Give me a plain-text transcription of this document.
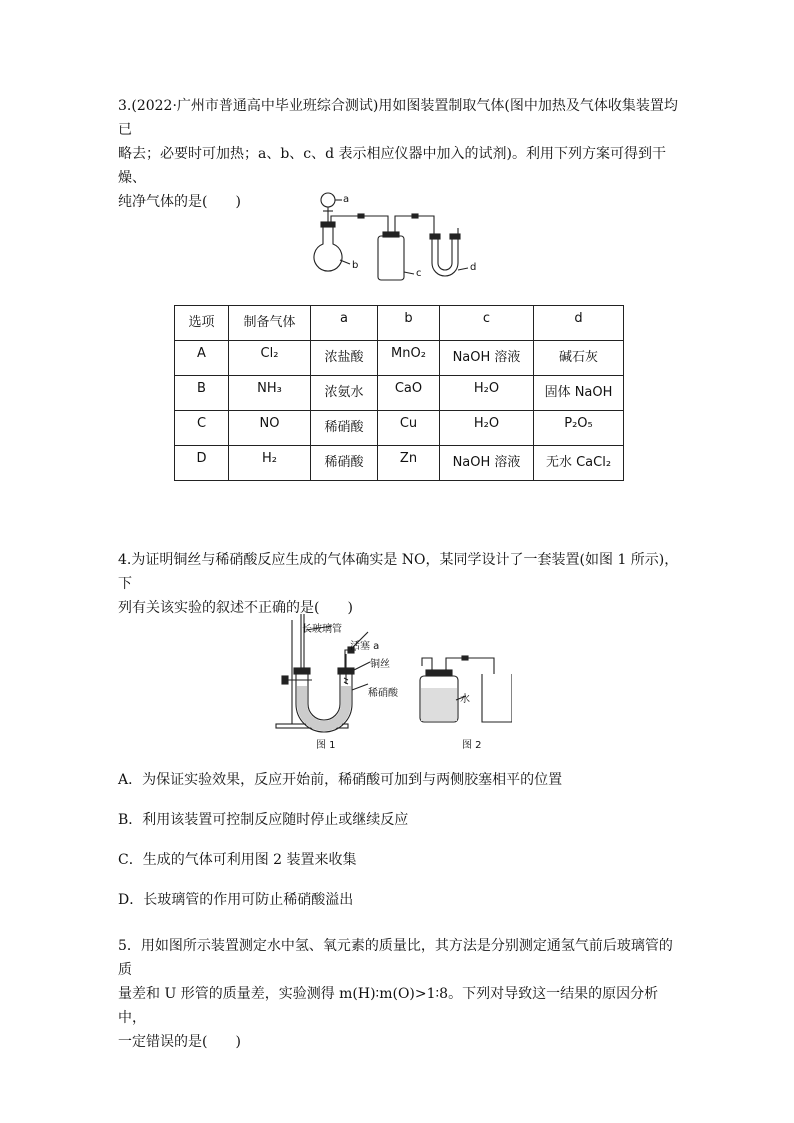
3.(2022·广州市普通高中毕业班综合测试)用如图装置制取气体(图中加热及气体收集装置均已
略去；必要时可加热；a、b、c、d 表示相应仪器中加入的试剂)。利用下列方案可得到干燥、
纯净气体的是(　　)	a
b
c
d
选项	制备气体	a	b	c	d
A	Cl₂	浓盐酸	MnO₂	NaOH 溶液	碱石灰
B	NH₃	浓氨水	CaO	H₂O	固体 NaOH
C	NO	稀硝酸	Cu	H₂O	P₂O₅
D	H₂	稀硝酸	Zn	NaOH 溶液	无水 CaCl₂
4.为证明铜丝与稀硝酸反应生成的气体确实是 NO，某同学设计了一套装置(如图 1 所示)，下
列有关该实验的叙述不正确的是(　　)
长玻璃管
活塞 a
铜丝
稀硝酸
水
图 1	图 2
A．为保证实验效果，反应开始前，稀硝酸可加到与两侧胶塞相平的位置
B．利用该装置可控制反应随时停止或继续反应
C．生成的气体可利用图 2 装置来收集
D．长玻璃管的作用可防止稀硝酸溢出
5．用如图所示装置测定水中氢、氧元素的质量比，其方法是分别测定通氢气前后玻璃管的质
量差和 U 形管的质量差，实验测得 m(H)∶m(O)>1∶8。下列对导致这一结果的原因分析中，
一定错误的是(　　)
